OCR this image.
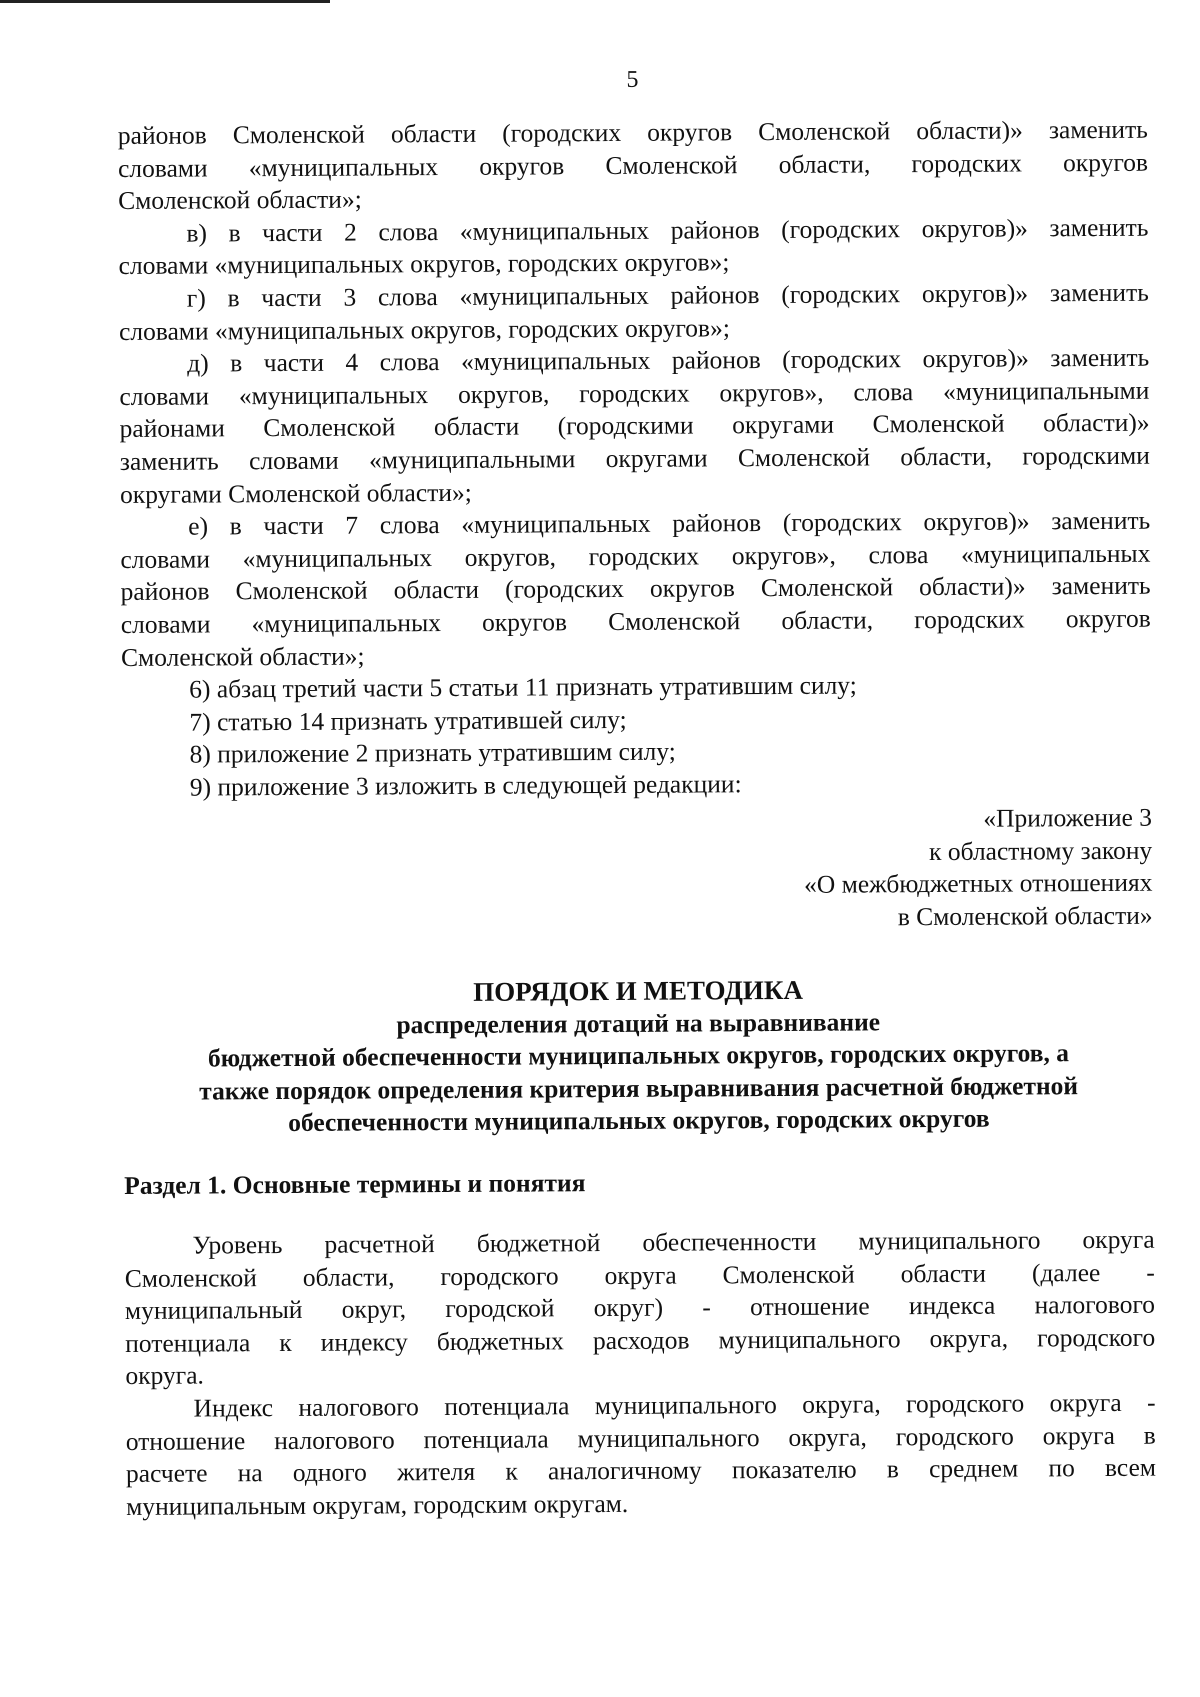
5
районов Смоленской области (городских округов Смоленской области)» заменить
словами «муниципальных округов Смоленской области, городских округов
Смоленской области»;
в) в части 2 слова «муниципальных районов (городских округов)» заменить
словами «муниципальных округов, городских округов»;
г) в части 3 слова «муниципальных районов (городских округов)» заменить
словами «муниципальных округов, городских округов»;
д) в части 4 слова «муниципальных районов (городских округов)» заменить
словами «муниципальных округов, городских округов», слова «муниципальными
районами Смоленской области (городскими округами Смоленской области)»
заменить словами «муниципальными округами Смоленской области, городскими
округами Смоленской области»;
е) в части 7 слова «муниципальных районов (городских округов)» заменить
словами «муниципальных округов, городских округов», слова «муниципальных
районов Смоленской области (городских округов Смоленской области)» заменить
словами «муниципальных округов Смоленской области, городских округов
Смоленской области»;
6) абзац третий части 5 статьи 11 признать утратившим силу;
7) статью 14 признать утратившей силу;
8) приложение 2 признать утратившим силу;
9) приложение 3 изложить в следующей редакции:
«Приложение 3
к областному закону
«О межбюджетных отношениях
в Смоленской области»
ПОРЯДОК И МЕТОДИКА
распределения дотаций на выравнивание
бюджетной обеспеченности муниципальных округов, городских округов, а
также порядок определения критерия выравнивания расчетной бюджетной
обеспеченности муниципальных округов, городских округов
Раздел 1. Основные термины и понятия
Уровень расчетной бюджетной обеспеченности муниципального округа
Смоленской области, городского округа Смоленской области (далее -
муниципальный округ, городской округ) - отношение индекса налогового
потенциала к индексу бюджетных расходов муниципального округа, городского
округа.
Индекс налогового потенциала муниципального округа, городского округа -
отношение налогового потенциала муниципального округа, городского округа в
расчете на одного жителя к аналогичному показателю в среднем по всем
муниципальным округам, городским округам.
